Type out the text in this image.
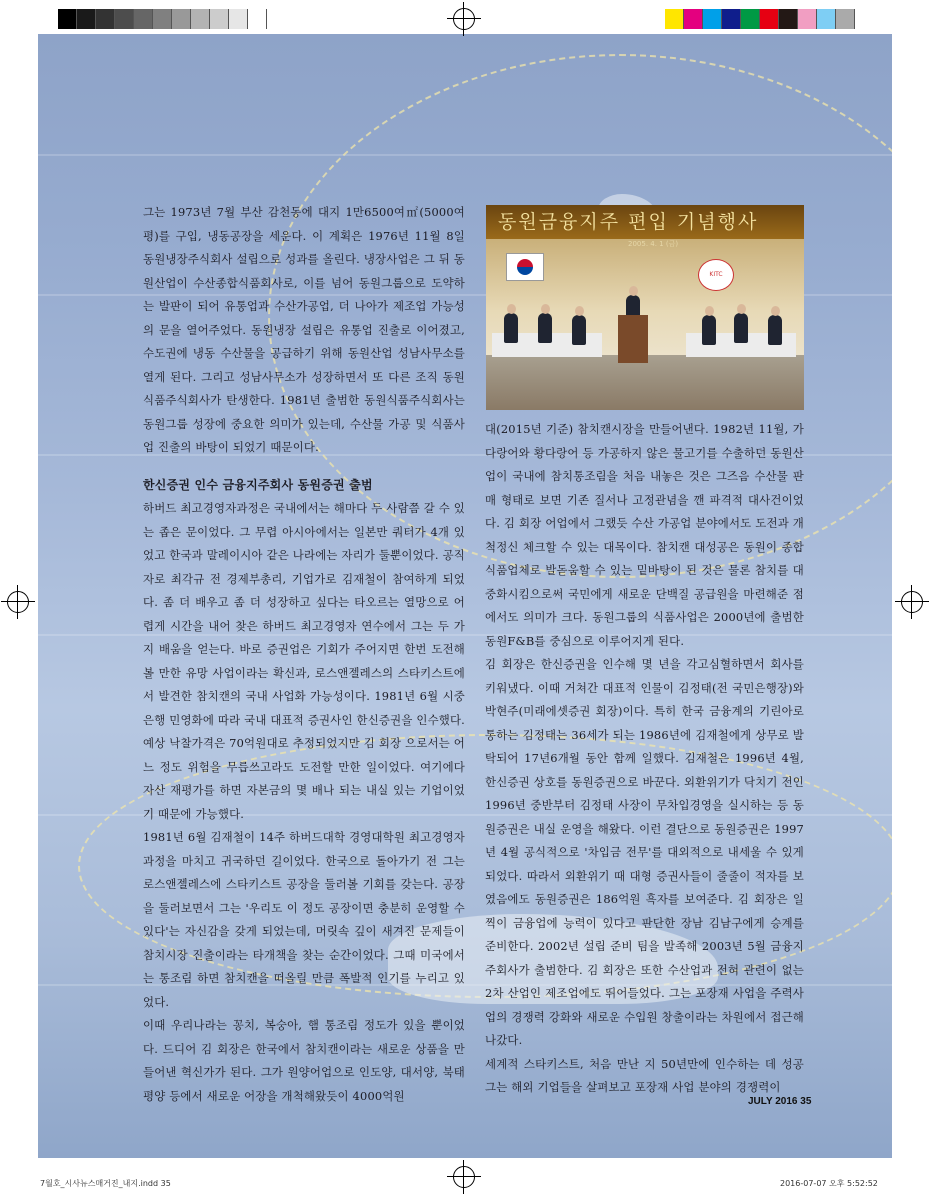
그는 1973년 7월 부산 감천동에 대지 1만6500여㎡(5000여평)를 구입, 냉동공장을 세운다. 이 계획은 1976년 11월 8일 동원냉장주식회사 설립으로 성과를 올린다. 냉장사업은 그 뒤 동원산업이 수산종합식품회사로, 이를 넘어 동원그룹으로 도약하는 발판이 되어 유통업과 수산가공업, 더 나아가 제조업 가능성의 문을 열어주었다. 동원냉장 설립은 유통업 진출로 이어졌고, 수도권에 냉동 수산물을 공급하기 위해 동원산업 성남사무소를 열게 된다. 그리고 성남사무소가 성장하면서 또 다른 조직 동원식품주식회사가 탄생한다. 1981년 출범한 동원식품주식회사는 동원그룹 성장에 중요한 의미가 있는데, 수산물 가공 및 식품사업 진출의 바탕이 되었기 때문이다.

한신증권 인수 금융지주회사 동원증권 출범

하버드 최고경영자과정은 국내에서는 해마다 두 사람쯤 갈 수 있는 좁은 문이었다. 그 무렵 아시아에서는 일본만 쿼터가 4개 있었고 한국과 말레이시아 같은 나라에는 자리가 둘뿐이었다. 공직자로 최각규 전 경제부총리, 기업가로 김재철이 참여하게 되었다. 좀 더 배우고 좀 더 성장하고 싶다는 타오르는 열망으로 어렵게 시간을 내어 찾은 하버드 최고경영자 연수에서 그는 두 가지 배움을 얻는다. 바로 증권업은 기회가 주어지면 한번 도전해볼 만한 유망 사업이라는 확신과, 로스앤젤레스의 스타키스트에서 발견한 참치캔의 국내 사업화 가능성이다. 1981년 6월 시중은행 민영화에 따라 국내 대표적 증권사인 한신증권을 인수했다. 예상 낙찰가격은 70억원대로 추정되었지만 김 회장 으로서는 어느 정도 위험을 무릅쓰고라도 도전할 만한 일이었다. 여기에다 자산 재평가를 하면 자본금의 몇 배나 되는 내실 있는 기업이었기 때문에 가능했다.

1981년 6월 김재철이 14주 하버드대학 경영대학원 최고경영자 과정을 마치고 귀국하던 길이었다. 한국으로 돌아가기 전 그는 로스앤젤레스에 스타키스트 공장을 둘러볼 기회를 갖는다. 공장을 둘러보면서 그는 '우리도 이 정도 공장이면 충분히 운영할 수 있다'는 자신감을 갖게 되었는데, 머릿속 깊이 새겨진 문제들이 참치시장 진출이라는 타개책을 찾는 순간이었다. 그때 미국에서는 통조림 하면 참치캔을 떠올릴 만큼 폭발적 인기를 누리고 있었다.

이때 우리나라는 꽁치, 복숭아, 햄 통조림 정도가 있을 뿐이었다. 드디어 김 회장은 한국에서 참치캔이라는 새로운 상품을 만들어낸 혁신가가 된다. 그가 원양어업으로 인도양, 대서양, 북태평양 등에서 새로운 어장을 개척해왔듯이 4000억원

동원금융지주 편입 기념행사
2005. 4. 1 (금)
KITC

대(2015년 기준) 참치캔시장을 만들어낸다. 1982년 11월, 가다랑어와 황다랑어 등 가공하지 않은 물고기를 수출하던 동원산업이 국내에 참치통조림을 처음 내놓은 것은 그즈음 수산물 판매 형태로 보면 기존 질서나 고정관념을 깬 파격적 대사건이었다. 김 회장 어업에서 그랬듯 수산 가공업 분야에서도 도전과 개척정신 체크할 수 있는 대목이다. 참치캔 대성공은 동원이 종합식품업체로 발돋움할 수 있는 밑바탕이 된 것은 물론 참치를 대중화시킴으로써 국민에게 새로운 단백질 공급원을 마련해준 점에서도 의미가 크다. 동원그룹의 식품사업은 2000년에 출범한 동원F&B를 중심으로 이루어지게 된다.

김 회장은 한신증권을 인수해 몇 년을 각고심혈하면서 회사를 키워냈다. 이때 거쳐간 대표적 인물이 김정태(전 국민은행장)와 박현주(미래에셋증권 회장)이다. 특히 한국 금융계의 기린아로 통하는 김정태는 36세가 되는 1986년에 김재철에게 상무로 발탁되어 17년6개월 동안 함께 일했다. 김재철은 1996년 4월, 한신증권 상호를 동원증권으로 바꾼다. 외환위기가 닥치기 전인 1996년 중반부터 김정태 사장이 무차입경영을 실시하는 등 동원증권은 내실 운영을 해왔다. 이런 결단으로 동원증권은 1997년 4월 공식적으로 '차입금 전무'를 대외적으로 내세울 수 있게 되었다. 따라서 외환위기 때 대형 증권사들이 줄줄이 적자를 보였음에도 동원증권은 186억원 흑자를 보여준다. 김 회장은 일찍이 금융업에 능력이 있다고 판단한 장남 김남구에게 승계를 준비한다. 2002년 설립 준비 팀을 발족해 2003년 5월 금융지주회사가 출범한다. 김 회장은 또한 수산업과 전혀 관련이 없는 2차 산업인 제조업에도 뛰어들었다. 그는 포장재 사업을 주력사업의 경쟁력 강화와 새로운 수입원 창출이라는 차원에서 접근해 나갔다.

세계적 스타키스트, 처음 만난 지 50년만에 인수하는 데 성공 그는 해외 기업들을 살펴보고 포장재 사업 분야의 경쟁력이

JULY 2016 35
7월호_시사뉴스매거진_내지.indd 35	2016-07-07 오후 5:52:52
